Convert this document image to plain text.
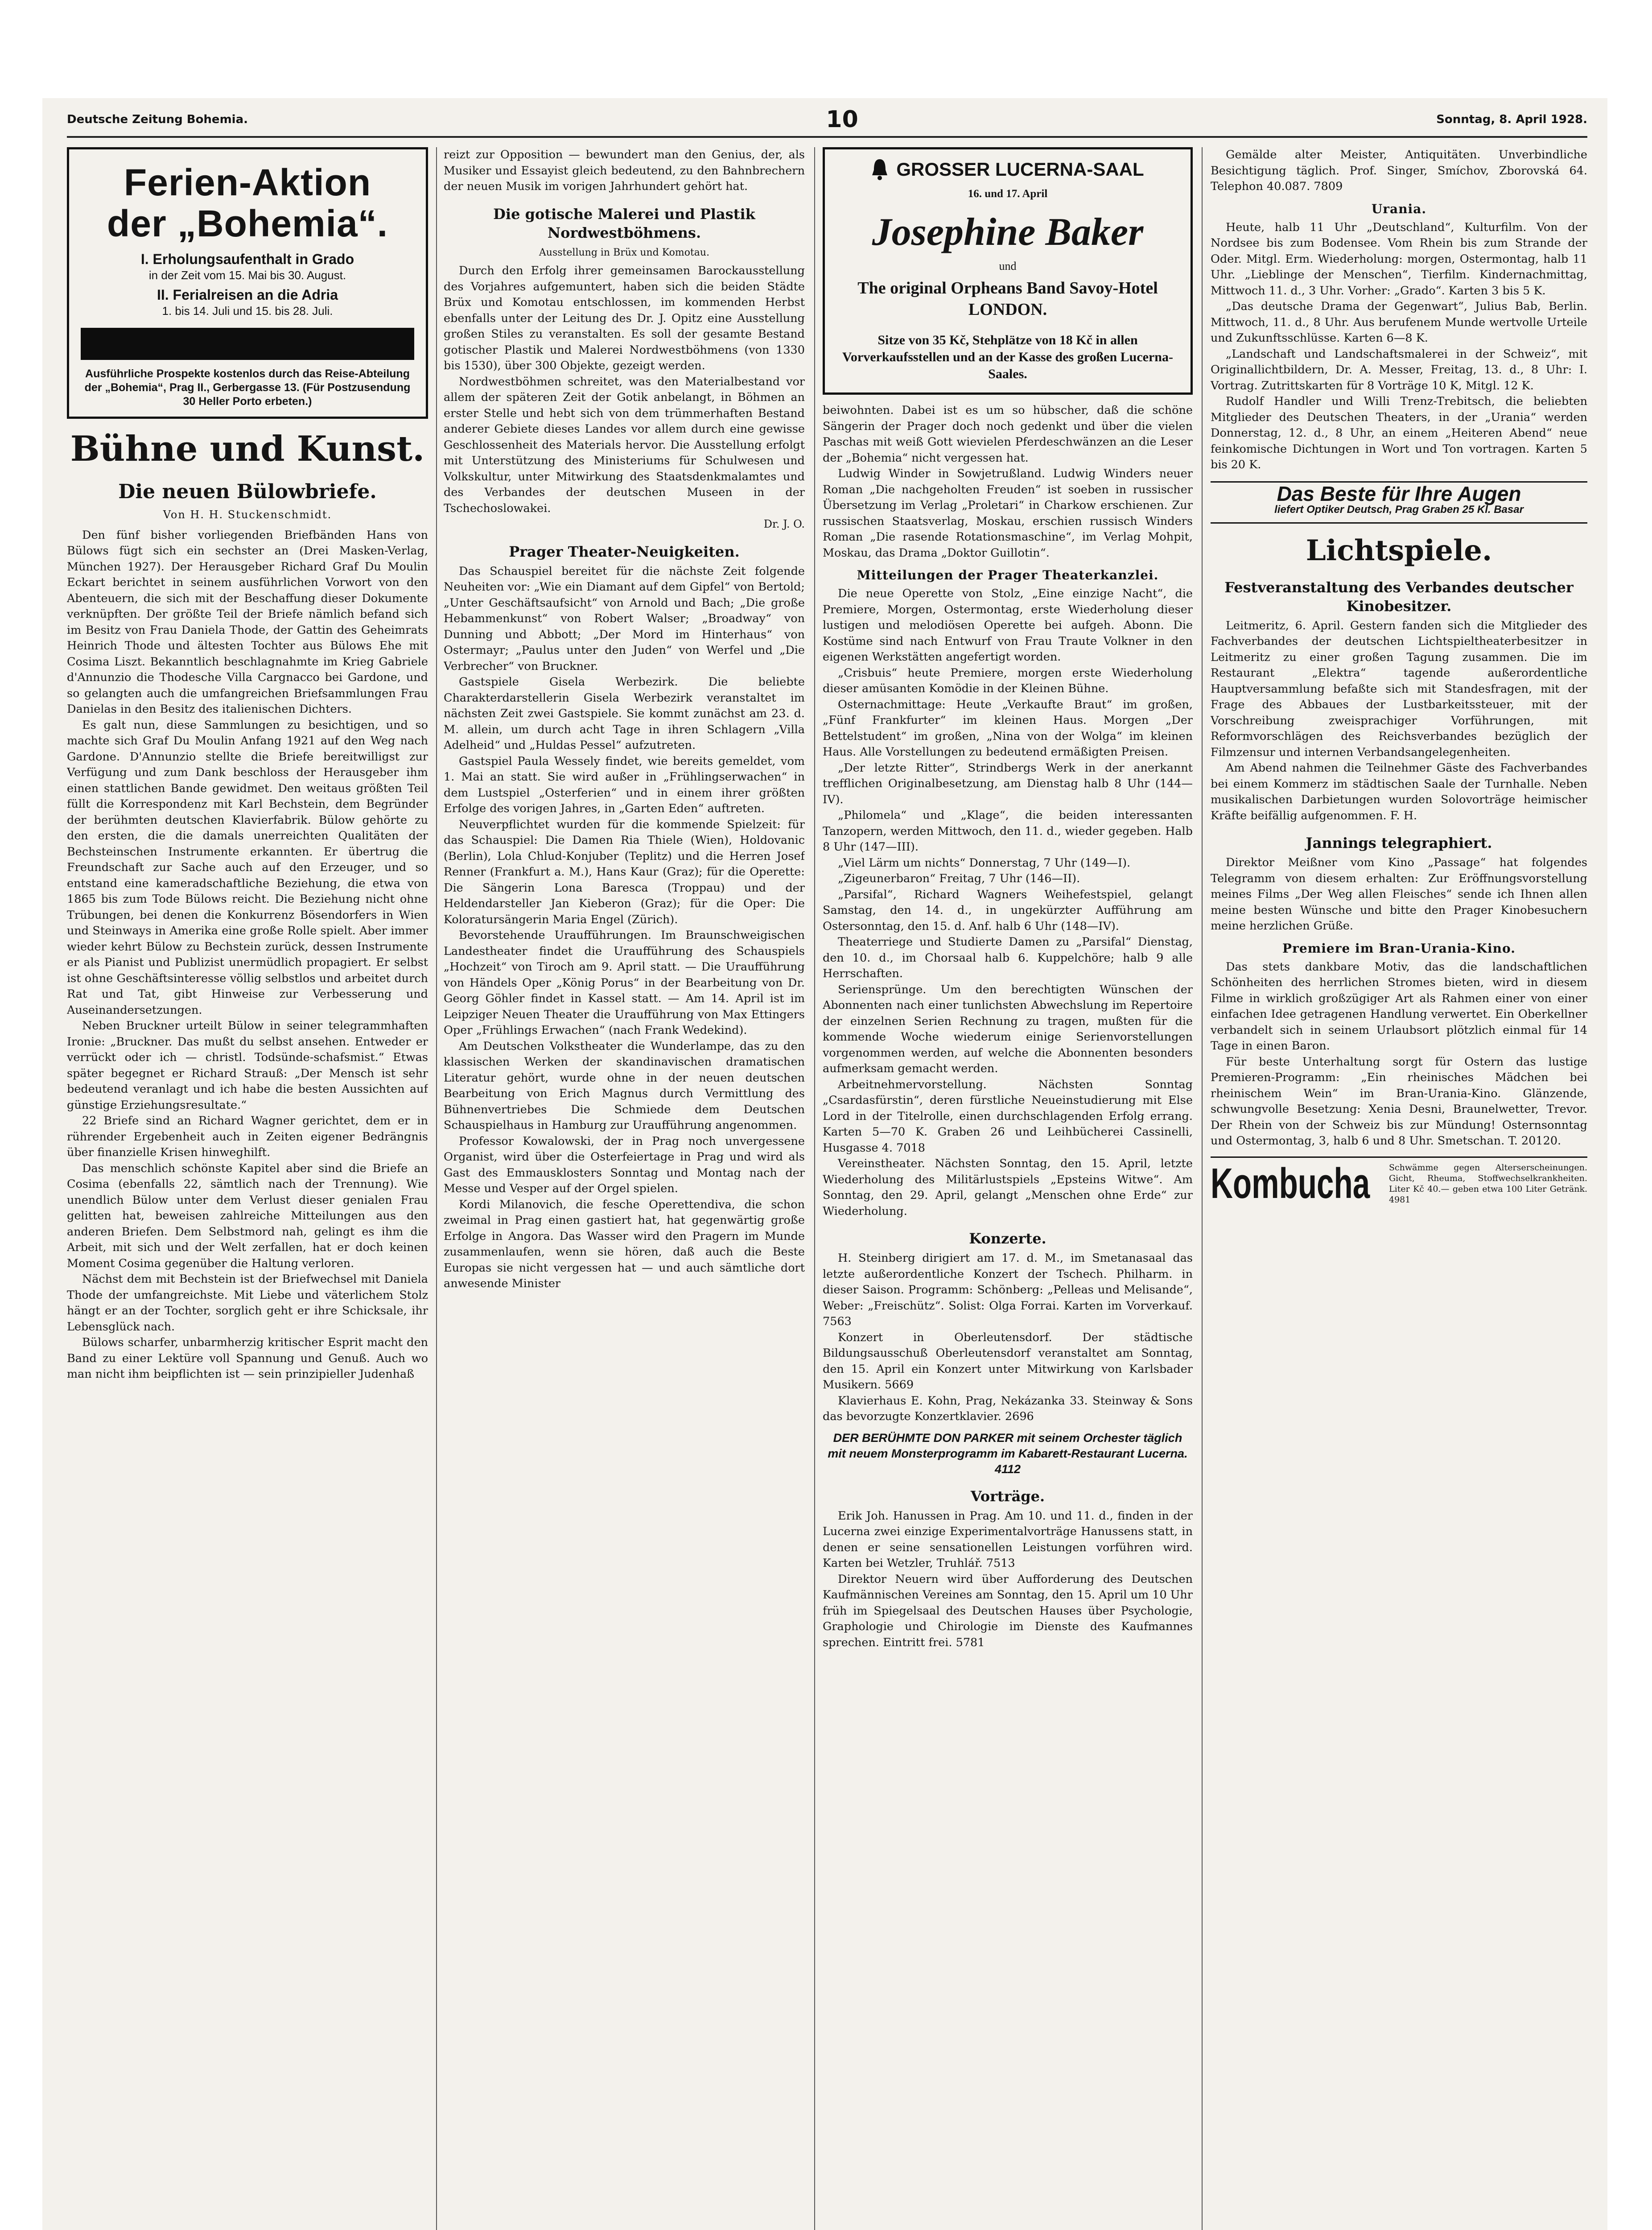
Deutsche Zeitung Bohemia.	10	Sonntag, 8. April 1928.
Ferien-Aktion
der „Bohemia“.
I. Erholungsaufenthalt in Grado
in der Zeit vom 15. Mai bis 30. August.
II. Ferialreisen an die Adria
1. bis 14. Juli und 15. bis 28. Juli.
Ausführliche Prospekte kostenlos durch das Reise-Abteilung der „Bohemia“, Prag II., Gerbergasse 13. (Für Postzusendung 30 Heller Porto erbeten.)
Bühne und Kunst.
Die neuen Bülowbriefe.
Von H. H. Stuckenschmidt.

Den fünf bisher vorliegenden Briefbänden Hans von Bülows fügt sich ein sechster an (Drei Masken-Verlag, München 1927). Der Herausgeber Richard Graf Du Moulin Eckart berichtet in seinem ausführlichen Vorwort von den Abenteuern, die sich mit der Beschaffung dieser Dokumente verknüpften. Der größte Teil der Briefe nämlich befand sich im Besitz von Frau Daniela Thode, der Gattin des Geheimrats Heinrich Thode und ältesten Tochter aus Bülows Ehe mit Cosima Liszt. Bekanntlich beschlagnahmte im Krieg Gabriele d'Annunzio die Thodesche Villa Cargnacco bei Gardone, und so gelangten auch die umfangreichen Briefsammlungen Frau Danielas in den Besitz des italienischen Dichters.

Es galt nun, diese Sammlungen zu besichtigen, und so machte sich Graf Du Moulin Anfang 1921 auf den Weg nach Gardone. D'Annunzio stellte die Briefe bereitwilligst zur Verfügung und zum Dank beschloss der Herausgeber ihm einen stattlichen Bande gewidmet. Den weitaus größten Teil füllt die Korrespondenz mit Karl Bechstein, dem Begründer der berühmten deutschen Klavierfabrik. Bülow gehörte zu den ersten, die die damals unerreichten Qualitäten der Bechsteinschen Instrumente erkannten. Er übertrug die Freundschaft zur Sache auch auf den Erzeuger, und so entstand eine kameradschaftliche Beziehung, die etwa von 1865 bis zum Tode Bülows reicht. Die Beziehung nicht ohne Trübungen, bei denen die Konkurrenz Bösendorfers in Wien und Steinways in Amerika eine große Rolle spielt. Aber immer wieder kehrt Bülow zu Bechstein zurück, dessen Instrumente er als Pianist und Publizist unermüdlich propagiert. Er selbst ist ohne Geschäftsinteresse völlig selbstlos und arbeitet durch Rat und Tat, gibt Hinweise zur Verbesserung und Auseinandersetzungen.

Neben Bruckner urteilt Bülow in seiner telegrammhaften Ironie: „Bruckner. Das mußt du selbst ansehen. Entweder er verrückt oder ich — christl. Todsünde-schafsmist.“ Etwas später begegnet er Richard Strauß: „Der Mensch ist sehr bedeutend veranlagt und ich habe die besten Aussichten auf günstige Erziehungsresultate.“

22 Briefe sind an Richard Wagner gerichtet, dem er in rührender Ergebenheit auch in Zeiten eigener Bedrängnis über finanzielle Krisen hinweghilft.

Das menschlich schönste Kapitel aber sind die Briefe an Cosima (ebenfalls 22, sämtlich nach der Trennung). Wie unendlich Bülow unter dem Verlust dieser genialen Frau gelitten hat, beweisen zahlreiche Mitteilungen aus den anderen Briefen. Dem Selbstmord nah, gelingt es ihm die Arbeit, mit sich und der Welt zerfallen, hat er doch keinen Moment Cosima gegenüber die Haltung verloren.

Nächst dem mit Bechstein ist der Briefwechsel mit Daniela Thode der umfangreichste. Mit Liebe und väterlichem Stolz hängt er an der Tochter, sorglich geht er ihre Schicksale, ihr Lebensglück nach.

Bülows scharfer, unbarmherzig kritischer Esprit macht den Band zu einer Lektüre voll Spannung und Genuß. Auch wo man nicht ihm beipflichten ist — sein prinzipieller Judenhaß

reizt zur Opposition — bewundert man den Genius, der, als Musiker und Essayist gleich bedeutend, zu den Bahnbrechern der neuen Musik im vorigen Jahrhundert gehört hat.

Die gotische Malerei und Plastik Nordwestböhmens.
Ausstellung in Brüx und Komotau.

Durch den Erfolg ihrer gemeinsamen Barockausstellung des Vorjahres aufgemuntert, haben sich die beiden Städte Brüx und Komotau entschlossen, im kommenden Herbst ebenfalls unter der Leitung des Dr. J. Opitz eine Ausstellung großen Stiles zu veranstalten. Es soll der gesamte Bestand gotischer Plastik und Malerei Nordwestböhmens (von 1330 bis 1530), über 300 Objekte, gezeigt werden.

Nordwestböhmen schreitet, was den Materialbestand vor allem der späteren Zeit der Gotik anbelangt, in Böhmen an erster Stelle und hebt sich von dem trümmerhaften Bestand anderer Gebiete dieses Landes vor allem durch eine gewisse Geschlossenheit des Materials hervor. Die Ausstellung erfolgt mit Unterstützung des Ministeriums für Schulwesen und Volkskultur, unter Mitwirkung des Staatsdenkmalamtes und des Verbandes der deutschen Museen in der Tschechoslowakei.

Dr. J. O.
Prager Theater-Neuigkeiten.

Das Schauspiel bereitet für die nächste Zeit folgende Neuheiten vor: „Wie ein Diamant auf dem Gipfel“ von Bertold; „Unter Geschäftsaufsicht“ von Arnold und Bach; „Die große Hebammenkunst“ von Robert Walser; „Broadway“ von Dunning und Abbott; „Der Mord im Hinterhaus“ von Ostermayr; „Paulus unter den Juden“ von Werfel und „Die Verbrecher“ von Bruckner.

Gastspiele Gisela Werbezirk. Die beliebte Charakterdarstellerin Gisela Werbezirk veranstaltet im nächsten Zeit zwei Gastspiele. Sie kommt zunächst am 23. d. M. allein, um durch acht Tage in ihren Schlagern „Villa Adelheid“ und „Huldas Pessel“ aufzutreten.

Gastspiel Paula Wessely findet, wie bereits gemeldet, vom 1. Mai an statt. Sie wird außer in „Frühlingserwachen“ in dem Lustspiel „Osterferien“ und in einem ihrer größten Erfolge des vorigen Jahres, in „Garten Eden“ auftreten.

Neuverpflichtet wurden für die kommende Spielzeit: für das Schauspiel: Die Damen Ria Thiele (Wien), Holdovanic (Berlin), Lola Chlud-Konjuber (Teplitz) und die Herren Josef Renner (Frankfurt a. M.), Hans Kaur (Graz); für die Operette: Die Sängerin Lona Baresca (Troppau) und der Heldendarsteller Jan Kieberon (Graz); für die Oper: Die Koloratursängerin Maria Engel (Zürich).

Bevorstehende Uraufführungen. Im Braunschweigischen Landestheater findet die Uraufführung des Schauspiels „Hochzeit“ von Tiroch am 9. April statt. — Die Uraufführung von Händels Oper „König Porus“ in der Bearbeitung von Dr. Georg Göhler findet in Kassel statt. — Am 14. April ist im Leipziger Neuen Theater die Uraufführung von Max Ettingers Oper „Frühlings Erwachen“ (nach Frank Wedekind).

Am Deutschen Volkstheater die Wunderlampe, das zu den klassischen Werken der skandinavischen dramatischen Literatur gehört, wurde ohne in der neuen deutschen Bearbeitung von Erich Magnus durch Vermittlung des Bühnenvertriebes Die Schmiede dem Deutschen Schauspielhaus in Hamburg zur Uraufführung angenommen.

Professor Kowalowski, der in Prag noch unvergessene Organist, wird über die Osterfeiertage in Prag und wird als Gast des Emmausklosters Sonntag und Montag nach der Messe und Vesper auf der Orgel spielen.

Kordi Milanovich, die fesche Operettendiva, die schon zweimal in Prag einen gastiert hat, hat gegenwärtig große Erfolge in Angora. Das Wasser wird den Pragern im Munde zusammenlaufen, wenn sie hören, daß auch die Beste Europas sie nicht vergessen hat — und auch sämtliche dort anwesende Minister

GROSSER LUCERNA-SAAL
16. und 17. April
Josephine Baker
und
The original Orpheans Band Savoy-Hotel LONDON.
Sitze von 35 Kč, Stehplätze von 18 Kč in allen Vorverkaufsstellen und an der Kasse des großen Lucerna-Saales.

beiwohnten. Dabei ist es um so hübscher, daß die schöne Sängerin der Prager doch noch gedenkt und über die vielen Paschas mit weiß Gott wievielen Pferdeschwänzen an die Leser der „Bohemia“ nicht vergessen hat.

Ludwig Winder in Sowjetrußland. Ludwig Winders neuer Roman „Die nachgeholten Freuden“ ist soeben in russischer Übersetzung im Verlag „Proletari“ in Charkow erschienen. Zur russischen Staatsverlag, Moskau, erschien russisch Winders Roman „Die rasende Rotationsmaschine“, im Verlag Mohpit, Moskau, das Drama „Doktor Guillotin“.

Mitteilungen der Prager Theaterkanzlei.

Die neue Operette von Stolz, „Eine einzige Nacht“, die Premiere, Morgen, Ostermontag, erste Wiederholung dieser lustigen und melodiösen Operette bei aufgeh. Abonn. Die Kostüme sind nach Entwurf von Frau Traute Volkner in den eigenen Werkstätten angefertigt worden.

„Crisbuis“ heute Premiere, morgen erste Wiederholung dieser amüsanten Komödie in der Kleinen Bühne.

Osternachmittage: Heute „Verkaufte Braut“ im großen, „Fünf Frankfurter“ im kleinen Haus. Morgen „Der Bettelstudent“ im großen, „Nina von der Wolga“ im kleinen Haus. Alle Vorstellungen zu bedeutend ermäßigten Preisen.

„Der letzte Ritter“, Strindbergs Werk in der anerkannt trefflichen Originalbesetzung, am Dienstag halb 8 Uhr (144—IV).

„Philomela“ und „Klage“, die beiden interessanten Tanzopern, werden Mittwoch, den 11. d., wieder gegeben. Halb 8 Uhr (147—III).

„Viel Lärm um nichts“ Donnerstag, 7 Uhr (149—I).

„Zigeunerbaron“ Freitag, 7 Uhr (146—II).

„Parsifal“, Richard Wagners Weihefestspiel, gelangt Samstag, den 14. d., in ungekürzter Aufführung am Ostersonntag, den 15. d. Anf. halb 6 Uhr (148—IV).

Theaterriege und Studierte Damen zu „Parsifal“ Dienstag, den 10. d., im Chorsaal halb 6. Kuppelchöre; halb 9 alle Herrschaften.

Seriensprünge. Um den berechtigten Wünschen der Abonnenten nach einer tunlichsten Abwechslung im Repertoire der einzelnen Serien Rechnung zu tragen, mußten für die kommende Woche wiederum einige Serienvorstellungen vorgenommen werden, auf welche die Abonnenten besonders aufmerksam gemacht werden.

Arbeitnehmervorstellung. Nächsten Sonntag „Csardasfürstin“, deren fürstliche Neueinstudierung mit Else Lord in der Titelrolle, einen durchschlagenden Erfolg errang. Karten 5—70 K. Graben 26 und Leihbücherei Cassinelli, Husgasse 4. 7018

Vereinstheater. Nächsten Sonntag, den 15. April, letzte Wiederholung des Militärlustspiels „Epsteins Witwe“. Am Sonntag, den 29. April, gelangt „Menschen ohne Erde“ zur Wiederholung.

Konzerte.

H. Steinberg dirigiert am 17. d. M., im Smetanasaal das letzte außerordentliche Konzert der Tschech. Philharm. in dieser Saison. Programm: Schönberg: „Pelleas und Melisande“, Weber: „Freischütz“. Solist: Olga Forrai. Karten im Vorverkauf. 7563

Konzert in Oberleutensdorf. Der städtische Bildungsausschuß Oberleutensdorf veranstaltet am Sonntag, den 15. April ein Konzert unter Mitwirkung von Karlsbader Musikern. 5669

Klavierhaus E. Kohn, Prag, Nekázanka 33. Steinway & Sons das bevorzugte Konzertklavier. 2696

DER BERÜHMTE DON PARKER mit seinem Orchester täglich mit neuem Monsterprogramm im Kabarett-Restaurant Lucerna. 4112
Vorträge.

Erik Joh. Hanussen in Prag. Am 10. und 11. d., finden in der Lucerna zwei einzige Experimentalvorträge Hanussens statt, in denen er seine sensationellen Leistungen vorführen wird. Karten bei Wetzler, Truhlář. 7513

Direktor Neuern wird über Aufforderung des Deutschen Kaufmännischen Vereines am Sonntag, den 15. April um 10 Uhr früh im Spiegelsaal des Deutschen Hauses über Psychologie, Graphologie und Chirologie im Dienste des Kaufmannes sprechen. Eintritt frei. 5781

Gemälde alter Meister, Antiquitäten. Unverbindliche Besichtigung täglich. Prof. Singer, Smíchov, Zborovská 64. Telephon 40.087. 7809

Urania.

Heute, halb 11 Uhr „Deutschland“, Kulturfilm. Von der Nordsee bis zum Bodensee. Vom Rhein bis zum Strande der Oder. Mitgl. Erm. Wiederholung: morgen, Ostermontag, halb 11 Uhr. „Lieblinge der Menschen“, Tierfilm. Kindernachmittag, Mittwoch 11. d., 3 Uhr. Vorher: „Grado“. Karten 3 bis 5 K.

„Das deutsche Drama der Gegenwart“, Julius Bab, Berlin. Mittwoch, 11. d., 8 Uhr. Aus berufenem Munde wertvolle Urteile und Zukunftsschlüsse. Karten 6—8 K.

„Landschaft und Landschaftsmalerei in der Schweiz“, mit Originallichtbildern, Dr. A. Messer, Freitag, 13. d., 8 Uhr: I. Vortrag. Zutrittskarten für 8 Vorträge 10 K, Mitgl. 12 K.

Rudolf Handler und Willi Trenz-Trebitsch, die beliebten Mitglieder des Deutschen Theaters, in der „Urania“ werden Donnerstag, 12. d., 8 Uhr, an einem „Heiteren Abend“ neue feinkomische Dichtungen in Wort und Ton vortragen. Karten 5 bis 20 K.

Das Beste für Ihre Augen
liefert Optiker Deutsch, Prag Graben 25 Kl. Basar
Lichtspiele.
Festveranstaltung des Verbandes deutscher Kinobesitzer.

Leitmeritz, 6. April. Gestern fanden sich die Mitglieder des Fachverbandes der deutschen Lichtspieltheaterbesitzer in Leitmeritz zu einer großen Tagung zusammen. Die im Restaurant „Elektra“ tagende außerordentliche Hauptversammlung befaßte sich mit Standesfragen, mit der Frage des Abbaues der Lustbarkeitssteuer, mit der Vorschreibung zweisprachiger Vorführungen, mit Reformvorschlägen des Reichsverbandes bezüglich der Filmzensur und internen Verbandsangelegenheiten.

Am Abend nahmen die Teilnehmer Gäste des Fachverbandes bei einem Kommerz im städtischen Saale der Turnhalle. Neben musikalischen Darbietungen wurden Solovorträge heimischer Kräfte beifällig aufgenommen. F. H.

Jannings telegraphiert.

Direktor Meißner vom Kino „Passage“ hat folgendes Telegramm von diesem erhalten: Zur Eröffnungsvorstellung meines Films „Der Weg allen Fleisches“ sende ich Ihnen allen meine besten Wünsche und bitte den Prager Kinobesuchern meine herzlichen Grüße.

Premiere im Bran-Urania-Kino.

Das stets dankbare Motiv, das die landschaftlichen Schönheiten des herrlichen Stromes bieten, wird in diesem Filme in wirklich großzügiger Art als Rahmen einer von einer einfachen Idee getragenen Handlung verwertet. Ein Oberkellner verbandelt sich in seinem Urlaubsort plötzlich einmal für 14 Tage in einen Baron.

Für beste Unterhaltung sorgt für Ostern das lustige Premieren-Programm: „Ein rheinisches Mädchen bei rheinischem Wein“ im Bran-Urania-Kino. Glänzende, schwungvolle Besetzung: Xenia Desni, Braunelwetter, Trevor. Der Rhein von der Schweiz bis zur Mündung! Osternsonntag und Ostermontag, 3, halb 6 und 8 Uhr. Smetschan. T. 20120.

Kombucha Schwämme gegen Alterserscheinungen. Gicht, Rheuma, Stoffwechselkrankheiten. Liter Kč 40.— geben etwa 100 Liter Getränk. 4981
